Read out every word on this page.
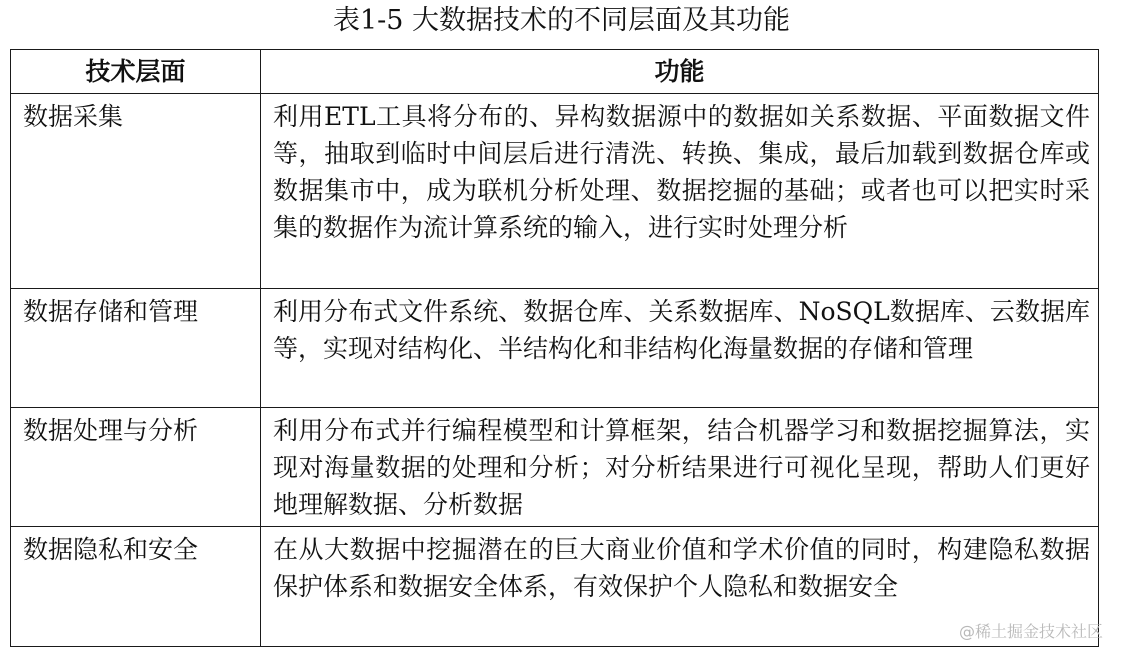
表1-5 大数据技术的不同层面及其功能
技术层面	功能
数据采集	利用ETL工具将分布的、异构数据源中的数据如关系数据、平面数据文件等，抽取到临时中间层后进行清洗、转换、集成，最后加载到数据仓库或数据集市中，成为联机分析处理、数据挖掘的基础；或者也可以把实时采集的数据作为流计算系统的输入，进行实时处理分析
数据存储和管理	利用分布式文件系统、数据仓库、关系数据库、NoSQL数据库、云数据库等，实现对结构化、半结构化和非结构化海量数据的存储和管理
数据处理与分析	利用分布式并行编程模型和计算框架，结合机器学习和数据挖掘算法，实现对海量数据的处理和分析；对分析结果进行可视化呈现，帮助人们更好地理解数据、分析数据
数据隐私和安全	在从大数据中挖掘潜在的巨大商业价值和学术价值的同时，构建隐私数据保护体系和数据安全体系，有效保护个人隐私和数据安全
@稀土掘金技术社区
